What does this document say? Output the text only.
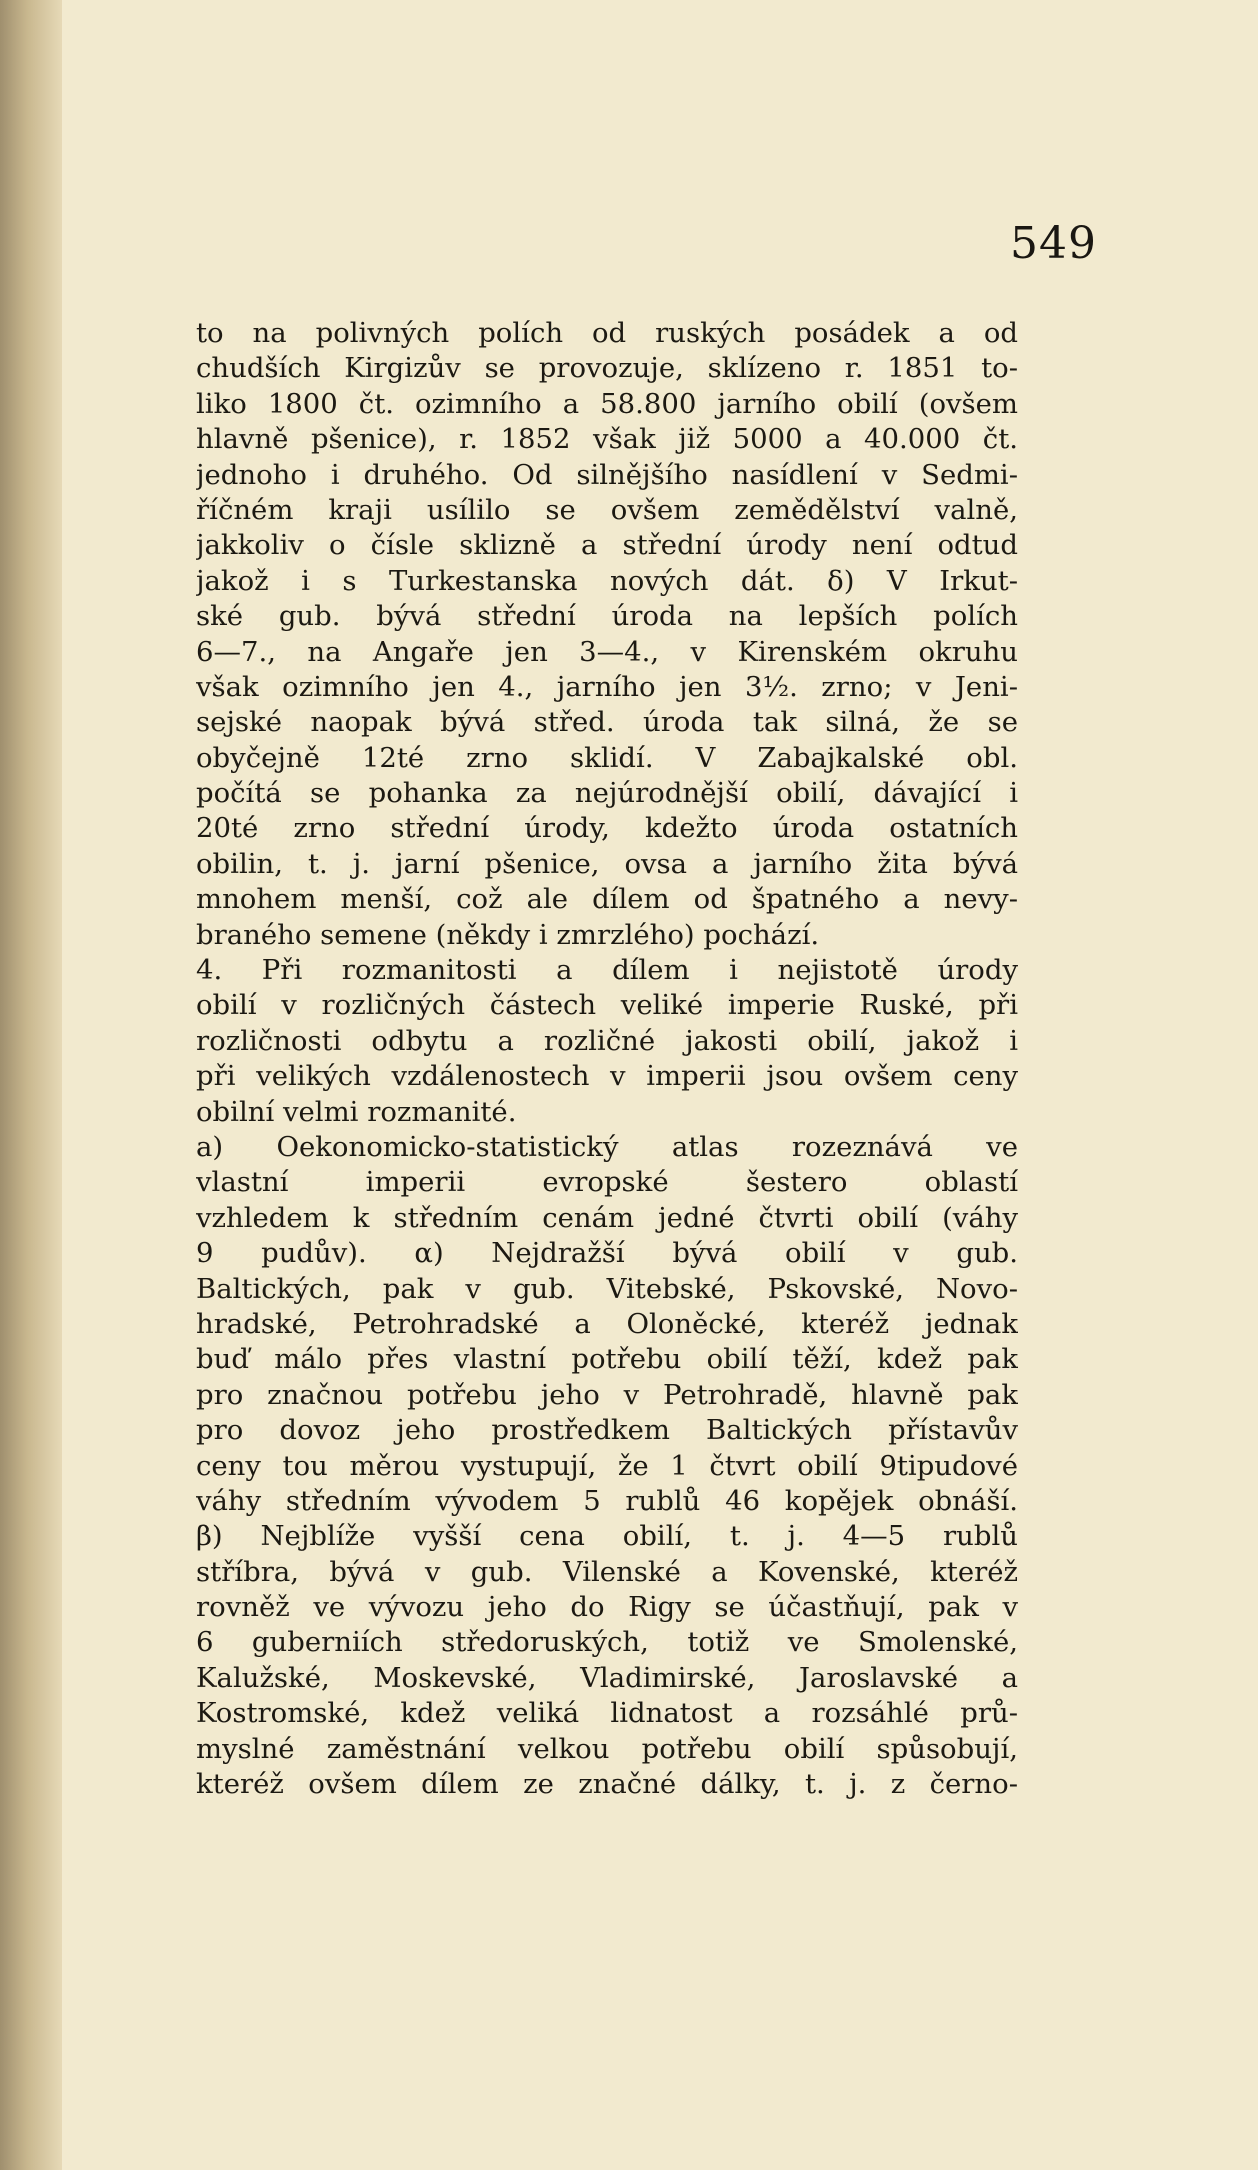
549
to na polivných polích od ruských posádek a od
chudších Kirgizův se provozuje, sklízeno r. 1851 to-
liko 1800 čt. ozimního a 58.800 jarního obilí (ovšem
hlavně pšenice), r. 1852 však již 5000 a 40.000 čt.
jednoho i druhého. Od silnějšího nasídlení v Sedmi-
říčném kraji usílilo se ovšem zemědělství valně,
jakkoliv o čísle sklizně a střední úrody není odtud
jakož i s Turkestanska nových dát. δ) V Irkut-
ské gub. bývá střední úroda na lepších polích
6—7., na Angaře jen 3—4., v Kirenském okruhu
však ozimního jen 4., jarního jen 3½. zrno; v Jeni-
sejské naopak bývá střed. úroda tak silná, že se
obyčejně 12té zrno sklidí. V Zabajkalské obl.
počítá se pohanka za nejúrodnější obilí, dávající i
20té zrno střední úrody, kdežto úroda ostatních
obilin, t. j. jarní pšenice, ovsa a jarního žita bývá
mnohem menší, což ale dílem od špatného a nevy-
braného semene (někdy i zmrzlého) pochází.
4. Při rozmanitosti a dílem i nejistotě úrody
obilí v rozličných částech veliké imperie Ruské, při
rozličnosti odbytu a rozličné jakosti obilí, jakož i
při velikých vzdálenostech v imperii jsou ovšem ceny
obilní velmi rozmanité.
a) Oekonomicko-statistický atlas rozeznává ve
vlastní imperii evropské šestero oblastí
vzhledem k středním cenám jedné čtvrti obilí (váhy
9 pudův). α) Nejdražší bývá obilí v gub.
Baltických, pak v gub. Vitebské, Pskovské, Novo-
hradské, Petrohradské a Oloněcké, kteréž jednak
buď málo přes vlastní potřebu obilí těží, kdež pak
pro značnou potřebu jeho v Petrohradě, hlavně pak
pro dovoz jeho prostředkem Baltických přístavův
ceny tou měrou vystupují, že 1 čtvrt obilí 9tipudové
váhy středním vývodem 5 rublů 46 kopějek obnáší.
β) Nejblíže vyšší cena obilí, t. j. 4—5 rublů
stříbra, bývá v gub. Vilenské a Kovenské, kteréž
rovněž ve vývozu jeho do Rigy se účastňují, pak v
6 guberniích středoruských, totiž ve Smolenské,
Kalužské, Moskevské, Vladimirské, Jaroslavské a
Kostromské, kdež veliká lidnatost a rozsáhlé prů-
myslné zaměstnání velkou potřebu obilí spůsobují,
kteréž ovšem dílem ze značné dálky, t. j. z černo-
